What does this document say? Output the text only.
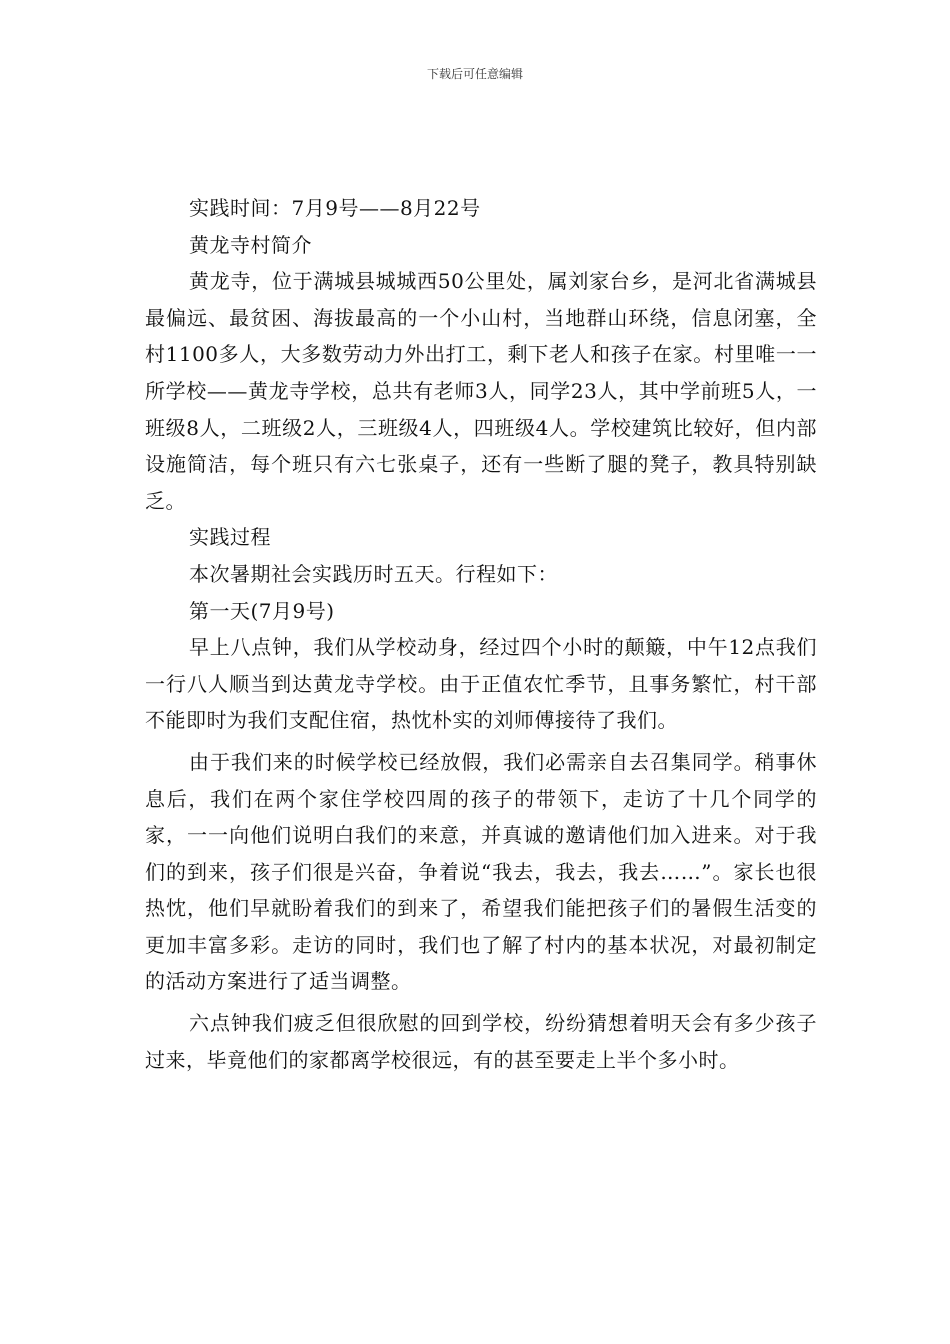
下载后可任意编辑

实践时间：7月9号——8月22号

黄龙寺村简介

黄龙寺，位于满城县城城西50公里处，属刘家台乡，是河北省满城县最偏远、最贫困、海拔最高的一个小山村，当地群山环绕，信息闭塞，全村1100多人，大多数劳动力外出打工，剩下老人和孩子在家。村里唯一一所学校——黄龙寺学校，总共有老师3人，同学23人，其中学前班5人，一班级8人，二班级2人，三班级4人，四班级4人。学校建筑比较好，但内部设施简洁，每个班只有六七张桌子，还有一些断了腿的凳子，教具特别缺乏。

实践过程

本次暑期社会实践历时五天。行程如下：

第一天(7月9号)

早上八点钟，我们从学校动身，经过四个小时的颠簸，中午12点我们一行八人顺当到达黄龙寺学校。由于正值农忙季节，且事务繁忙，村干部不能即时为我们支配住宿，热忱朴实的刘师傅接待了我们。

由于我们来的时候学校已经放假，我们必需亲自去召集同学。稍事休息后，我们在两个家住学校四周的孩子的带领下，走访了十几个同学的家，一一向他们说明白我们的来意，并真诚的邀请他们加入进来。对于我们的到来，孩子们很是兴奋，争着说“我去，我去，我去……”。家长也很热忱，他们早就盼着我们的到来了，希望我们能把孩子们的暑假生活变的更加丰富多彩。走访的同时，我们也了解了村内的基本状况，对最初制定的活动方案进行了适当调整。

六点钟我们疲乏但很欣慰的回到学校，纷纷猜想着明天会有多少孩子过来，毕竟他们的家都离学校很远，有的甚至要走上半个多小时。
